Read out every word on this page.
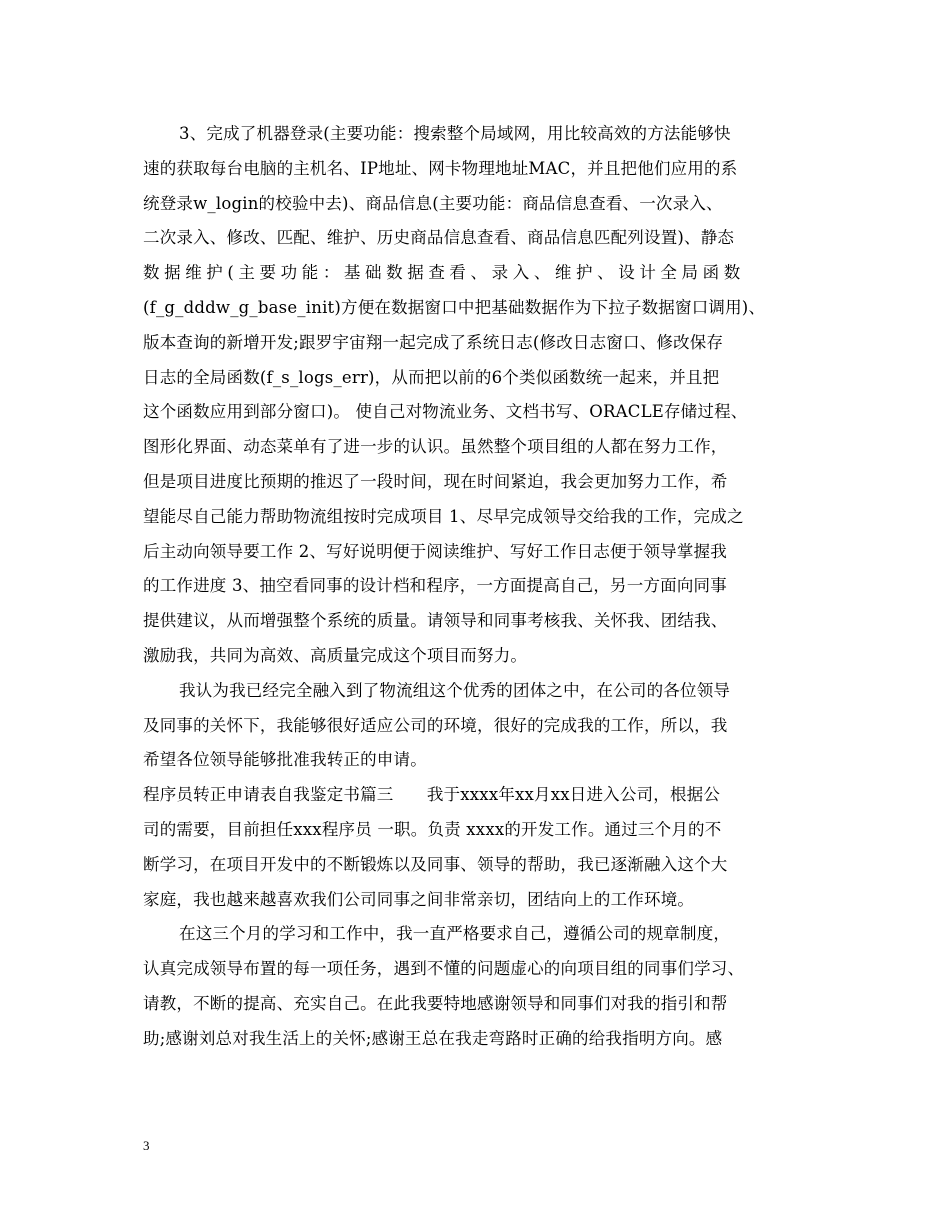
3、完成了机器登录(主要功能：搜索整个局域网，用比较高效的方法能够快
速的获取每台电脑的主机名、IP地址、网卡物理地址MAC，并且把他们应用的系
统登录w_login的校验中去)、商品信息(主要功能：商品信息查看、一次录入、
二次录入、修改、匹配、维护、历史商品信息查看、商品信息匹配列设置)、静态
数据维护(主要功能：基础数据查看、录入、维护、设计全局函数
(f_g_dddw_g_base_init)方便在数据窗口中把基础数据作为下拉子数据窗口调用)、
版本查询的新增开发;跟罗宇宙翔一起完成了系统日志(修改日志窗口、修改保存
日志的全局函数(f_s_logs_err)，从而把以前的6个类似函数统一起来，并且把
这个函数应用到部分窗口)。 使自己对物流业务、文档书写、ORACLE存储过程、
图形化界面、动态菜单有了进一步的认识。虽然整个项目组的人都在努力工作，
但是项目进度比预期的推迟了一段时间，现在时间紧迫，我会更加努力工作，希
望能尽自己能力帮助物流组按时完成项目 1、尽早完成领导交给我的工作，完成之
后主动向领导要工作 2、写好说明便于阅读维护、写好工作日志便于领导掌握我
的工作进度 3、抽空看同事的设计档和程序，一方面提高自己，另一方面向同事
提供建议，从而增强整个系统的质量。请领导和同事考核我、关怀我、团结我、
激励我，共同为高效、高质量完成这个项目而努力。
我认为我已经完全融入到了物流组这个优秀的团体之中，在公司的各位领导
及同事的关怀下，我能够很好适应公司的环境，很好的完成我的工作，所以，我
希望各位领导能够批准我转正的申请。
程序员转正申请表自我鉴定书篇三　　我于xxxx年xx月xx日进入公司，根据公
司的需要，目前担任xxx程序员 一职。负责 xxxx的开发工作。通过三个月的不
断学习，在项目开发中的不断锻炼以及同事、领导的帮助，我已逐渐融入这个大
家庭，我也越来越喜欢我们公司同事之间非常亲切，团结向上的工作环境。
在这三个月的学习和工作中，我一直严格要求自己，遵循公司的规章制度，
认真完成领导布置的每一项任务，遇到不懂的问题虚心的向项目组的同事们学习、
请教，不断的提高、充实自己。在此我要特地感谢领导和同事们对我的指引和帮
助;感谢刘总对我生活上的关怀;感谢王总在我走弯路时正确的给我指明方向。感
3
